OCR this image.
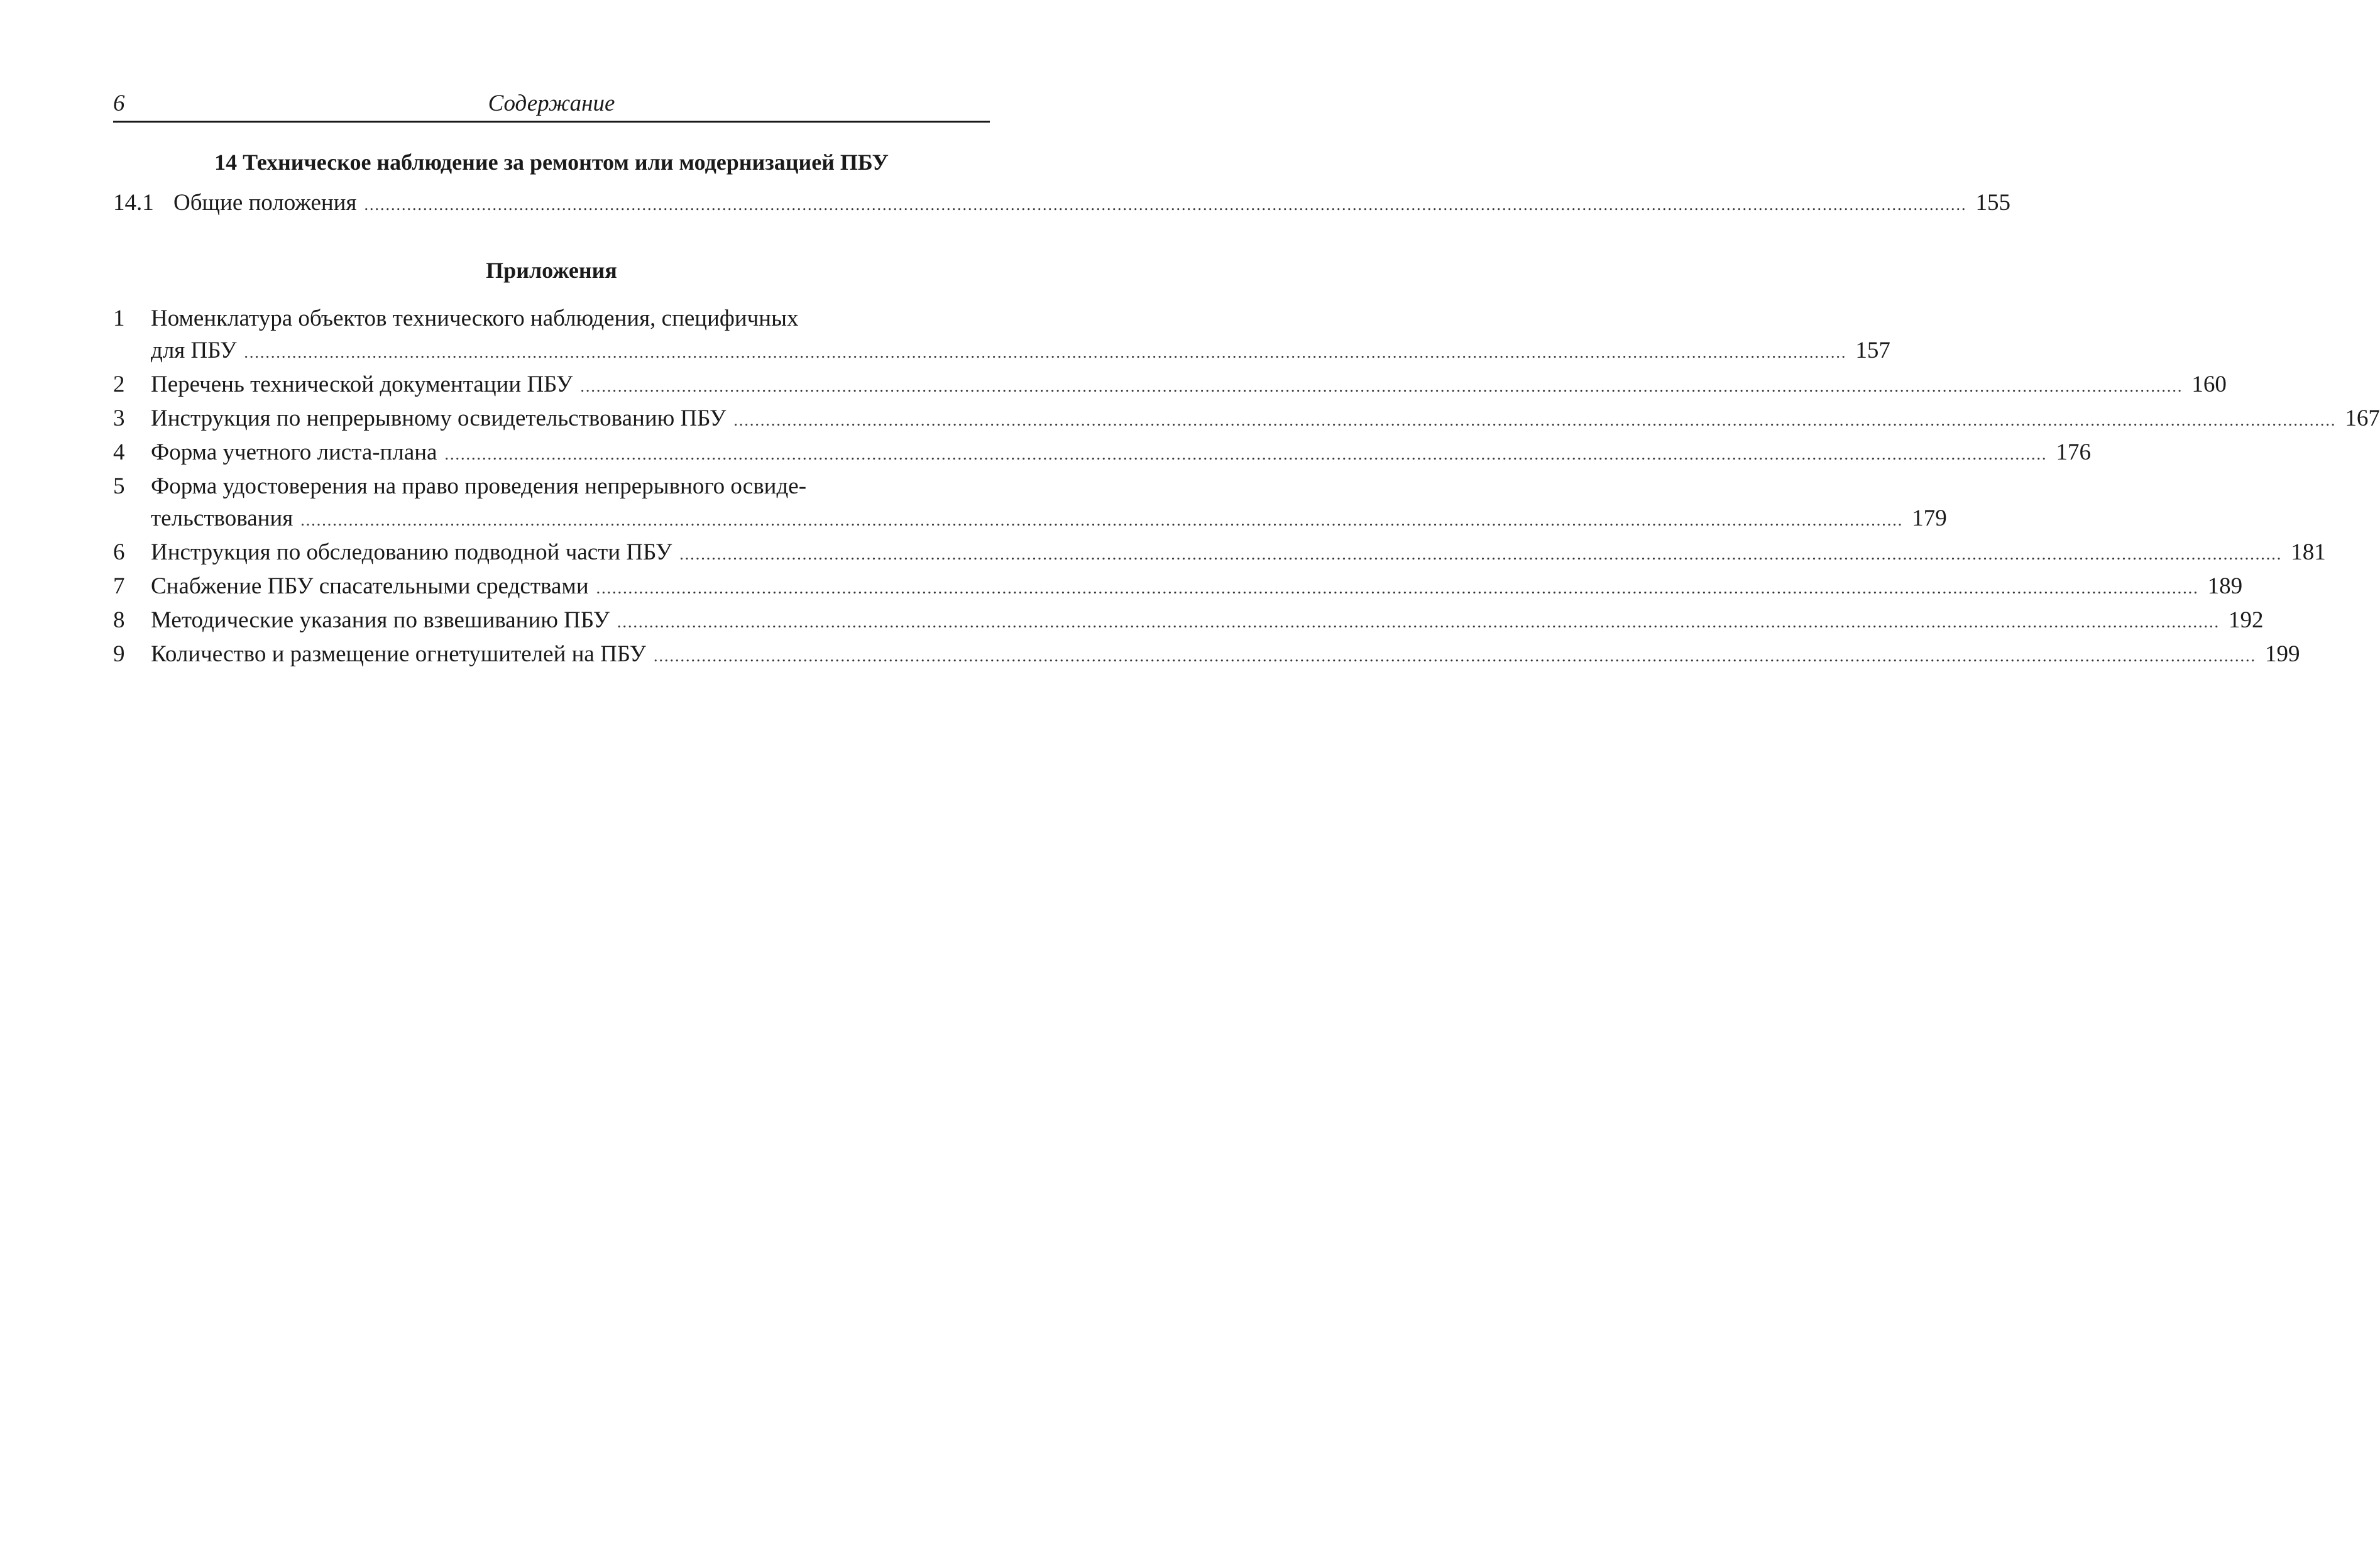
6	Содержание
14 Техническое наблюдение за ремонтом или модернизацией ПБУ
14.1 Общие положения ............................................................................................................................................................................................................................................................................................................ 155
Приложения
1	Номенклатура объектов технического наблюдения, специфичных
для ПБУ ............................................................................................................................................................................................................................................................................................................ 157
2	Перечень технической документации ПБУ ............................................................................................................................................................................................................................................................................................................ 160
3	Инструкция по непрерывному освидетельствованию ПБУ ............................................................................................................................................................................................................................................................................................................ 167
4	Форма учетного листа-плана ............................................................................................................................................................................................................................................................................................................ 176
5	Форма удостоверения на право проведения непрерывного освиде-
тельствования ............................................................................................................................................................................................................................................................................................................ 179
6	Инструкция по обследованию подводной части ПБУ ............................................................................................................................................................................................................................................................................................................ 181
7	Снабжение ПБУ спасательными средствами ............................................................................................................................................................................................................................................................................................................ 189
8	Методические указания по взвешиванию ПБУ ............................................................................................................................................................................................................................................................................................................ 192
9	Количество и размещение огнетушителей на ПБУ ............................................................................................................................................................................................................................................................................................................ 199
